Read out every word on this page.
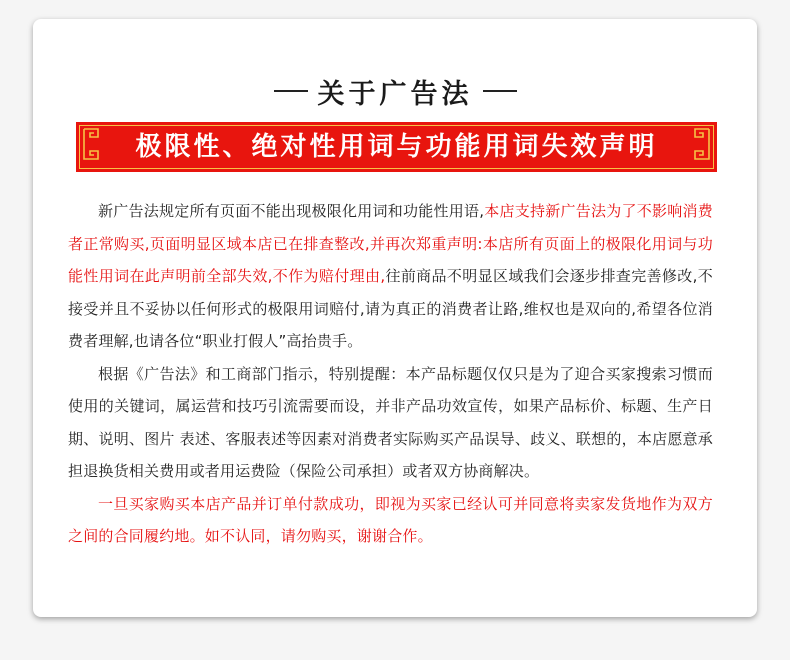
关于广告法
极限性、绝对性用词与功能用词失效声明

新广告法规定所有页面不能出现极限化用词和功能性用语,本店支持新广告法为了不影响消费者正常购买,页面明显区域本店已在排查整改,并再次郑重声明:本店所有页面上的极限化用词与功能性用词在此声明前全部失效,不作为赔付理由,往前商品不明显区域我们会逐步排查完善修改,不接受并且不妥协以任何形式的极限用词赔付,请为真正的消费者让路,维权也是双向的,希望各位消费者理解,也请各位“职业打假人”高抬贵手。

根据《广告法》和工商部门指示，特别提醒：本产品标题仅仅只是为了迎合买家搜索习惯而使用的关键词，属运营和技巧引流需要而设，并非产品功效宣传，如果产品标价、标题、生产日期、说明、图片 表述、客服表述等因素对消费者实际购买产品误导、歧义、联想的，本店愿意承担退换货相关费用或者用运费险（保险公司承担）或者双方协商解决。

一旦买家购买本店产品并订单付款成功，即视为买家已经认可并同意将卖家发货地作为双方之间的合同履约地。如不认同，请勿购买，谢谢合作。
